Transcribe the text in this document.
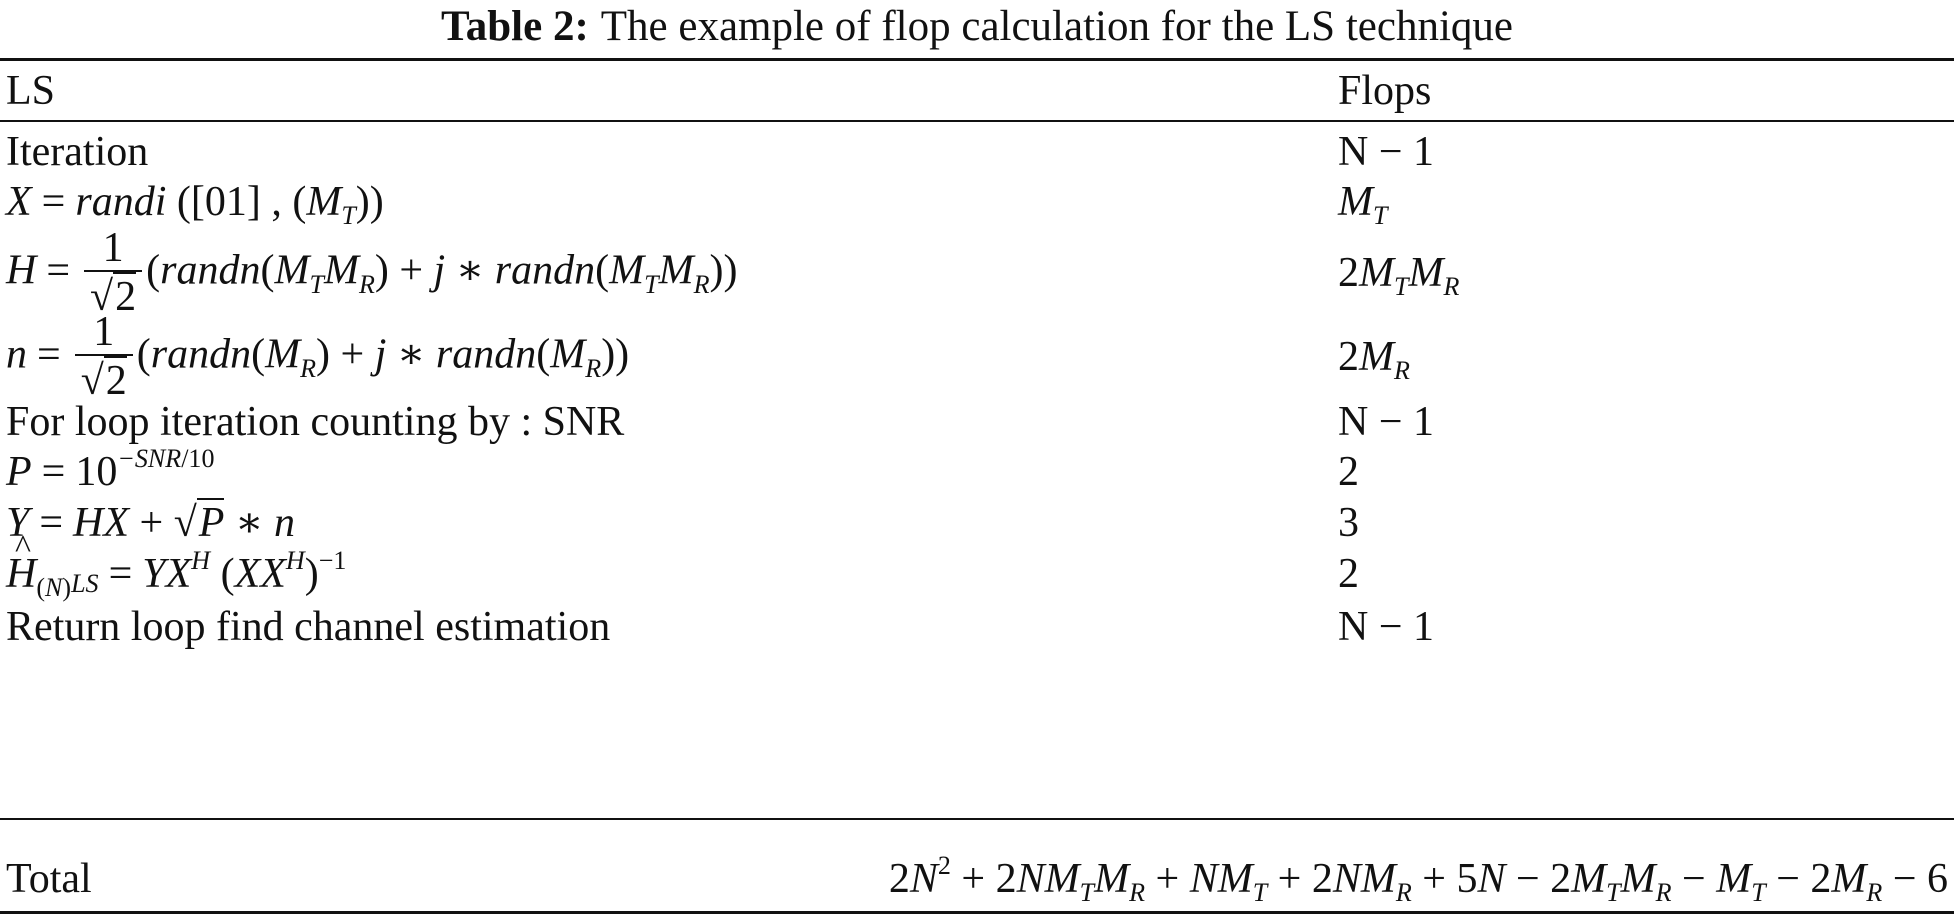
Table 2: The example of flop calculation for the LS technique
LS	Flops
Iteration	N − 1
X = randi ([01] , $(M_T)$)	$M_T$
$H = \frac{1}{√2}$ ($randn(M_TM_R) + j$ ∗ $randn(M_TM_R)$)	$2M_TM_R$
$n = \frac{1}{√2}$ ($randn(M_R) + j$ ∗ $randn(M_R)$)	$2M_R$
For loop iteration counting by : SNR	N − 1
$P = 10^{-SNR/10}$	2
Y = HX + √P ∗ n	3
^ $H_{(N)}^{LS} = YX^H$ $(XX^H)^{-1}$	2
Return loop find channel estimation	N − 1
Total	$2N^2 + 2NM_TM_R + NM_T + 2NM_R + 5N - 2M_TM_R - M_T - 2M_R - 6$
